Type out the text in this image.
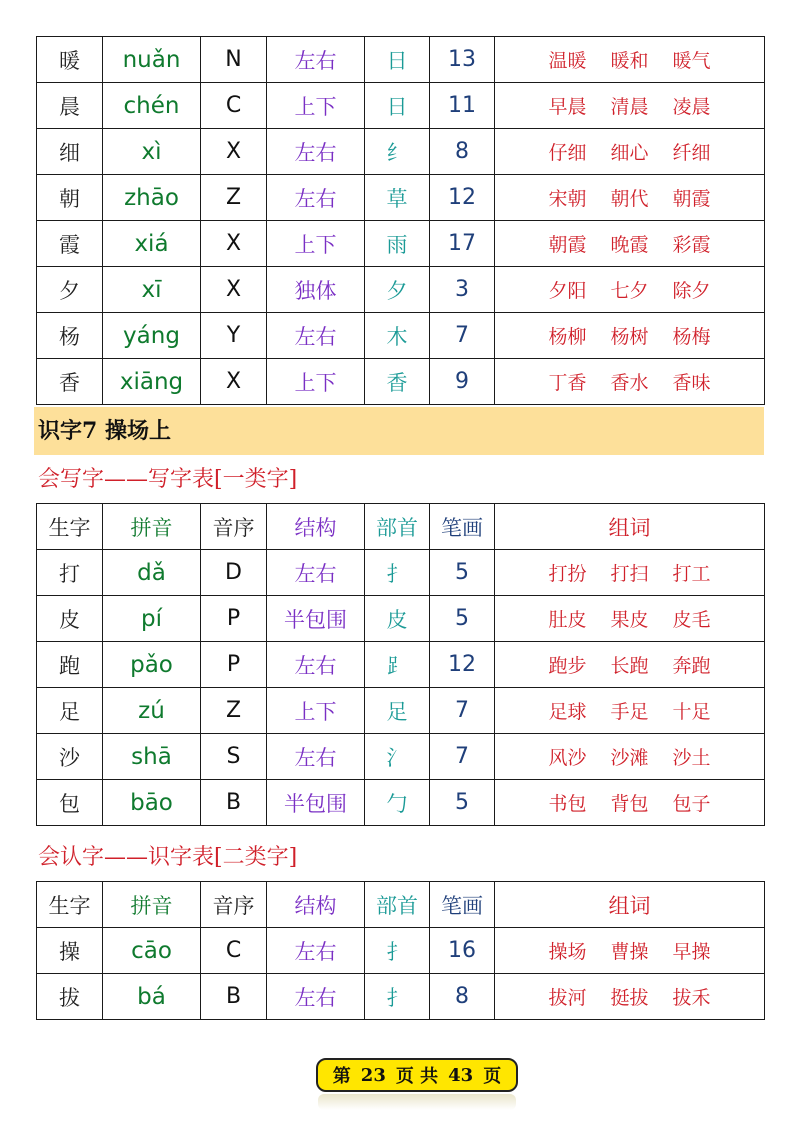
暖	nuǎn	N	左右	日	13	温暖 暖和 暖气
晨	chén	C	上下	日	11	早晨 清晨 凌晨
细	xì	X	左右	纟	8	仔细 细心 纤细
朝	zhāo	Z	左右	草	12	宋朝 朝代 朝霞
霞	xiá	X	上下	雨	17	朝霞 晚霞 彩霞
夕	xī	X	独体	夕	3	夕阳 七夕 除夕
杨	yáng	Y	左右	木	7	杨柳 杨树 杨梅
香	xiāng	X	上下	香	9	丁香 香水 香味
识字7 操场上
会写字——写字表[一类字]
生字	拼音	音序	结构	部首	笔画	组词
打	dǎ	D	左右	扌	5	打扮 打扫 打工
皮	pí	P	半包围	皮	5	肚皮 果皮 皮毛
跑	pǎo	P	左右	⻊	12	跑步 长跑 奔跑
足	zú	Z	上下	足	7	足球 手足 十足
沙	shā	S	左右	氵	7	风沙 沙滩 沙土
包	bāo	B	半包围	勹	5	书包 背包 包子
会认字——识字表[二类字]
生字	拼音	音序	结构	部首	笔画	组词
操	cāo	C	左右	扌	16	操场 曹操 早操
拔	bá	B	左右	扌	8	拔河 挺拔 拔禾
第 23 页 共 43 页
